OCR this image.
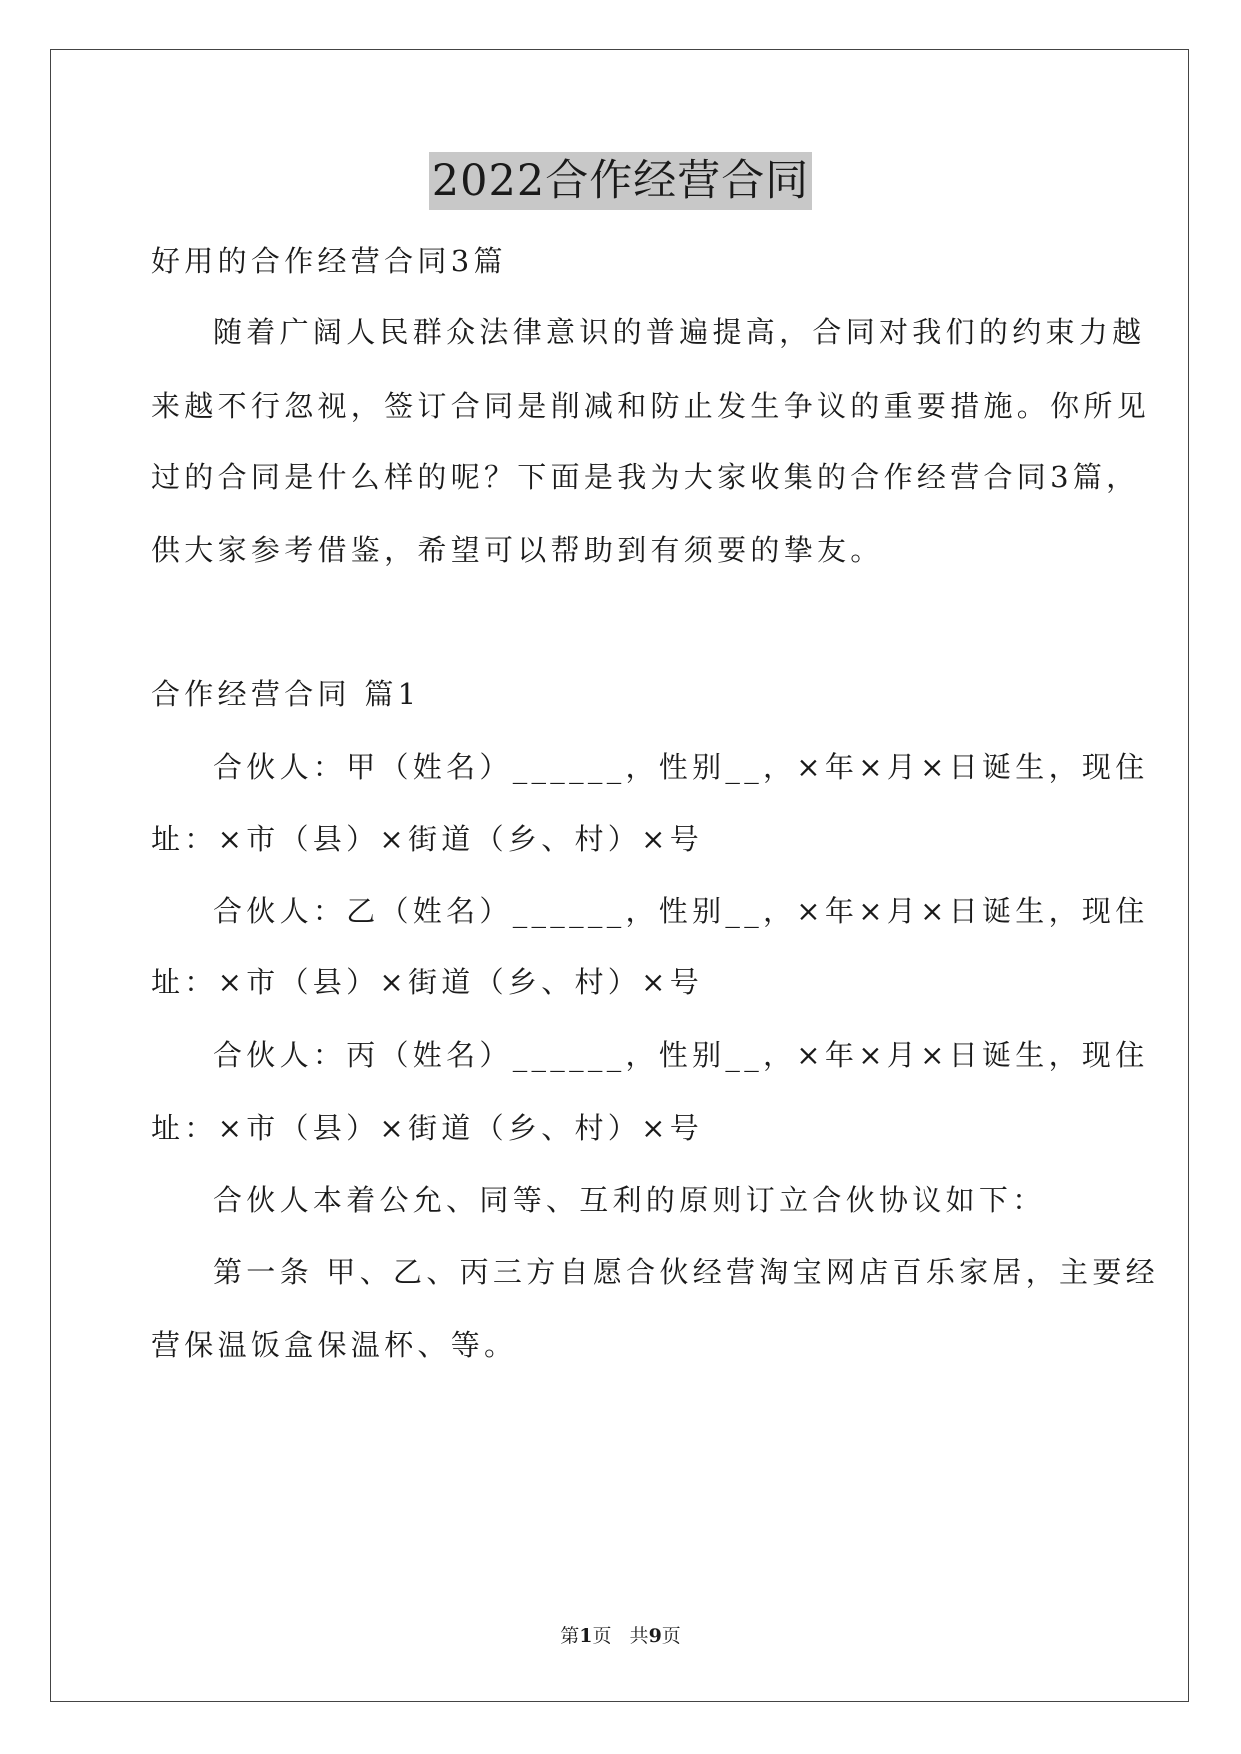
2022合作经营合同
好用的合作经营合同3篇
随着广阔人民群众法律意识的普遍提高，合同对我们的约束力越
来越不行忽视，签订合同是削减和防止发生争议的重要措施。你所见
过的合同是什么样的呢？下面是我为大家收集的合作经营合同3篇，
供大家参考借鉴，希望可以帮助到有须要的挚友。
合作经营合同 篇1
合伙人：甲（姓名）______，性别__，×年×月×日诞生，现住
址：×市（县）×街道（乡、村）×号
合伙人：乙（姓名）______，性别__，×年×月×日诞生，现住
址：×市（县）×街道（乡、村）×号
合伙人：丙（姓名）______，性别__，×年×月×日诞生，现住
址：×市（县）×街道（乡、村）×号
合伙人本着公允、同等、互利的原则订立合伙协议如下：
第一条 甲、乙、丙三方自愿合伙经营淘宝网店百乐家居，主要经
营保温饭盒保温杯、等。
第1页   共9页
